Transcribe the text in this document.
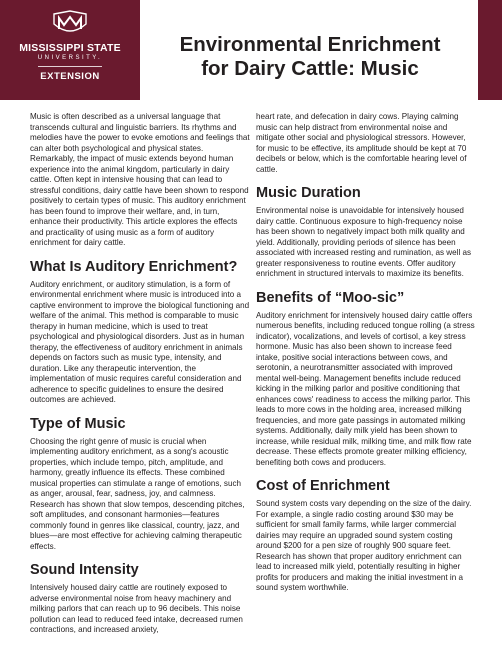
MISSISSIPPI STATE
UNIVERSITY.
EXTENSION
Environmental Enrichment
for Dairy Cattle: Music

Music is often described as a universal language that transcends cultural and linguistic barriers. Its rhythms and melodies have the power to evoke emotions and feelings that can alter both psychological and physical states. Remarkably, the impact of music extends beyond human experience into the animal kingdom, particularly in dairy cattle. Often kept in intensive housing that can lead to stressful conditions, dairy cattle have been shown to respond positively to certain types of music. This auditory enrichment has been found to improve their welfare, and, in turn, enhance their productivity. This article explores the effects and practicality of using music as a form of auditory enrichment for dairy cattle.

What Is Auditory Enrichment?

Auditory enrichment, or auditory stimulation, is a form of environmental enrichment where music is introduced into a captive environment to improve the biological functioning and welfare of the animal. This method is comparable to music therapy in human medicine, which is used to treat psychological and physiological disorders. Just as in human therapy, the effectiveness of auditory enrichment in animals depends on factors such as music type, intensity, and duration. Like any therapeutic intervention, the implementation of music requires careful consideration and adherence to specific guidelines to ensure the desired outcomes are achieved.

Type of Music

Choosing the right genre of music is crucial when implementing auditory enrichment, as a song's acoustic properties, which include tempo, pitch, amplitude, and harmony, greatly influence its effects. These combined musical properties can stimulate a range of emotions, such as anger, arousal, fear, sadness, joy, and calmness. Research has shown that slow tempos, descending pitches, soft amplitudes, and consonant harmonies—features commonly found in genres like classical, country, jazz, and blues—are most effective for achieving calming therapeutic effects.

Sound Intensity

Intensively housed dairy cattle are routinely exposed to adverse environmental noise from heavy machinery and milking parlors that can reach up to 96 decibels. This noise pollution can lead to reduced feed intake, decreased rumen contractions, and increased anxiety,

heart rate, and defecation in dairy cows. Playing calming music can help distract from environmental noise and mitigate other social and physiological stressors. However, for music to be effective, its amplitude should be kept at 70 decibels or below, which is the comfortable hearing level of cattle.

Music Duration

Environmental noise is unavoidable for intensively housed dairy cattle. Continuous exposure to high-frequency noise has been shown to negatively impact both milk quality and yield. Additionally, providing periods of silence has been associated with increased resting and rumination, as well as greater responsiveness to routine events. Offer auditory enrichment in structured intervals to maximize its benefits.

Benefits of “Moo-sic”

Auditory enrichment for intensively housed dairy cattle offers numerous benefits, including reduced tongue rolling (a stress indicator), vocalizations, and levels of cortisol, a key stress hormone. Music has also been shown to increase feed intake, positive social interactions between cows, and serotonin, a neurotransmitter associated with improved mental well-being. Management benefits include reduced kicking in the milking parlor and positive conditioning that enhances cows' readiness to access the milking parlor. This leads to more cows in the holding area, increased milking frequencies, and more gate passings in automated milking systems. Additionally, daily milk yield has been shown to increase, while residual milk, milking time, and milk flow rate decrease. These effects promote greater milking efficiency, benefiting both cows and producers.

Cost of Enrichment

Sound system costs vary depending on the size of the dairy. For example, a single radio costing around $30 may be sufficient for small family farms, while larger commercial dairies may require an upgraded sound system costing around $200 for a pen size of roughly 900 square feet. Research has shown that proper auditory enrichment can lead to increased milk yield, potentially resulting in higher profits for producers and making the initial investment in a sound system worthwhile.
